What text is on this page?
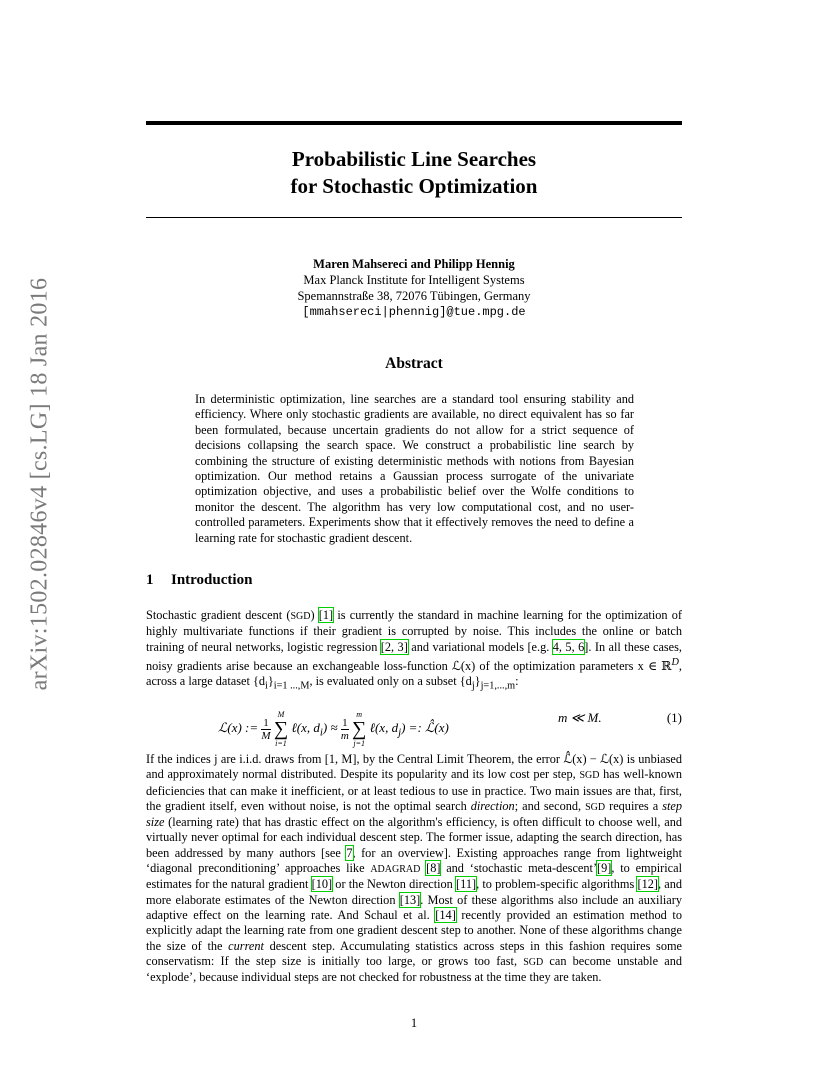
arXiv:1502.02846v4 [cs.LG] 18 Jan 2016
Probabilistic Line Searches
for Stochastic Optimization
Maren Mahsereci and Philipp Hennig
Max Planck Institute for Intelligent Systems
Spemannstraße 38, 72076 Tübingen, Germany
[mmahsereci|phennig]@tue.mpg.de
Abstract
In deterministic optimization, line searches are a standard tool ensuring stability and efficiency. Where only stochastic gradients are available, no direct equivalent has so far been formulated, because uncertain gradients do not allow for a strict sequence of decisions collapsing the search space. We construct a probabilistic line search by combining the structure of existing deterministic methods with notions from Bayesian optimization. Our method retains a Gaussian process surrogate of the univariate optimization objective, and uses a probabilistic belief over the Wolfe conditions to monitor the descent. The algorithm has very low computational cost, and no user-controlled parameters. Experiments show that it effectively removes the need to define a learning rate for stochastic gradient descent.
1 Introduction
Stochastic gradient descent (SGD) [1] is currently the standard in machine learning for the optimization of highly multivariate functions if their gradient is corrupted by noise. This includes the online or batch training of neural networks, logistic regression [2, 3] and variational models [e.g. 4, 5, 6]. In all these cases, noisy gradients arise because an exchangeable loss-function ℒ(x) of the optimization parameters x ∈ ℝ$^D$, across a large dataset $\{d_i\}_{i=1 ...,M}$, is evaluated only on a subset $\{d_j\}_{j=1,...,m}$:
ℒ(x) := $\frac{1}{M}$

M
∑
i=1
ℓ(x, $d_i) \approx \frac{1}{m}$

m
∑
j=1
ℓ(x, $d_j$) =: ℒ̂(x)
m ≪ M.	(1)
If the indices j are i.i.d. draws from [1, M], by the Central Limit Theorem, the error ℒ̂(x) − ℒ(x) is unbiased and approximately normal distributed. Despite its popularity and its low cost per step, SGD has well-known deficiencies that can make it inefficient, or at least tedious to use in practice. Two main issues are that, first, the gradient itself, even without noise, is not the optimal search direction; and second, SGD requires a step size (learning rate) that has drastic effect on the algorithm's efficiency, is often difficult to choose well, and virtually never optimal for each individual descent step. The former issue, adapting the search direction, has been addressed by many authors [see 7, for an overview]. Existing approaches range from lightweight ‘diagonal preconditioning’ approaches like ADAGRAD [8] and ‘stochastic meta-descent’[9], to empirical estimates for the natural gradient [10] or the Newton direction [11], to problem-specific algorithms [12], and more elaborate estimates of the Newton direction [13]. Most of these algorithms also include an auxiliary adaptive effect on the learning rate. And Schaul et al. [14] recently provided an estimation method to explicitly adapt the learning rate from one gradient descent step to another. None of these algorithms change the size of the current descent step. Accumulating statistics across steps in this fashion requires some conservatism: If the step size is initially too large, or grows too fast, SGD can become unstable and ‘explode’, because individual steps are not checked for robustness at the time they are taken.
1
